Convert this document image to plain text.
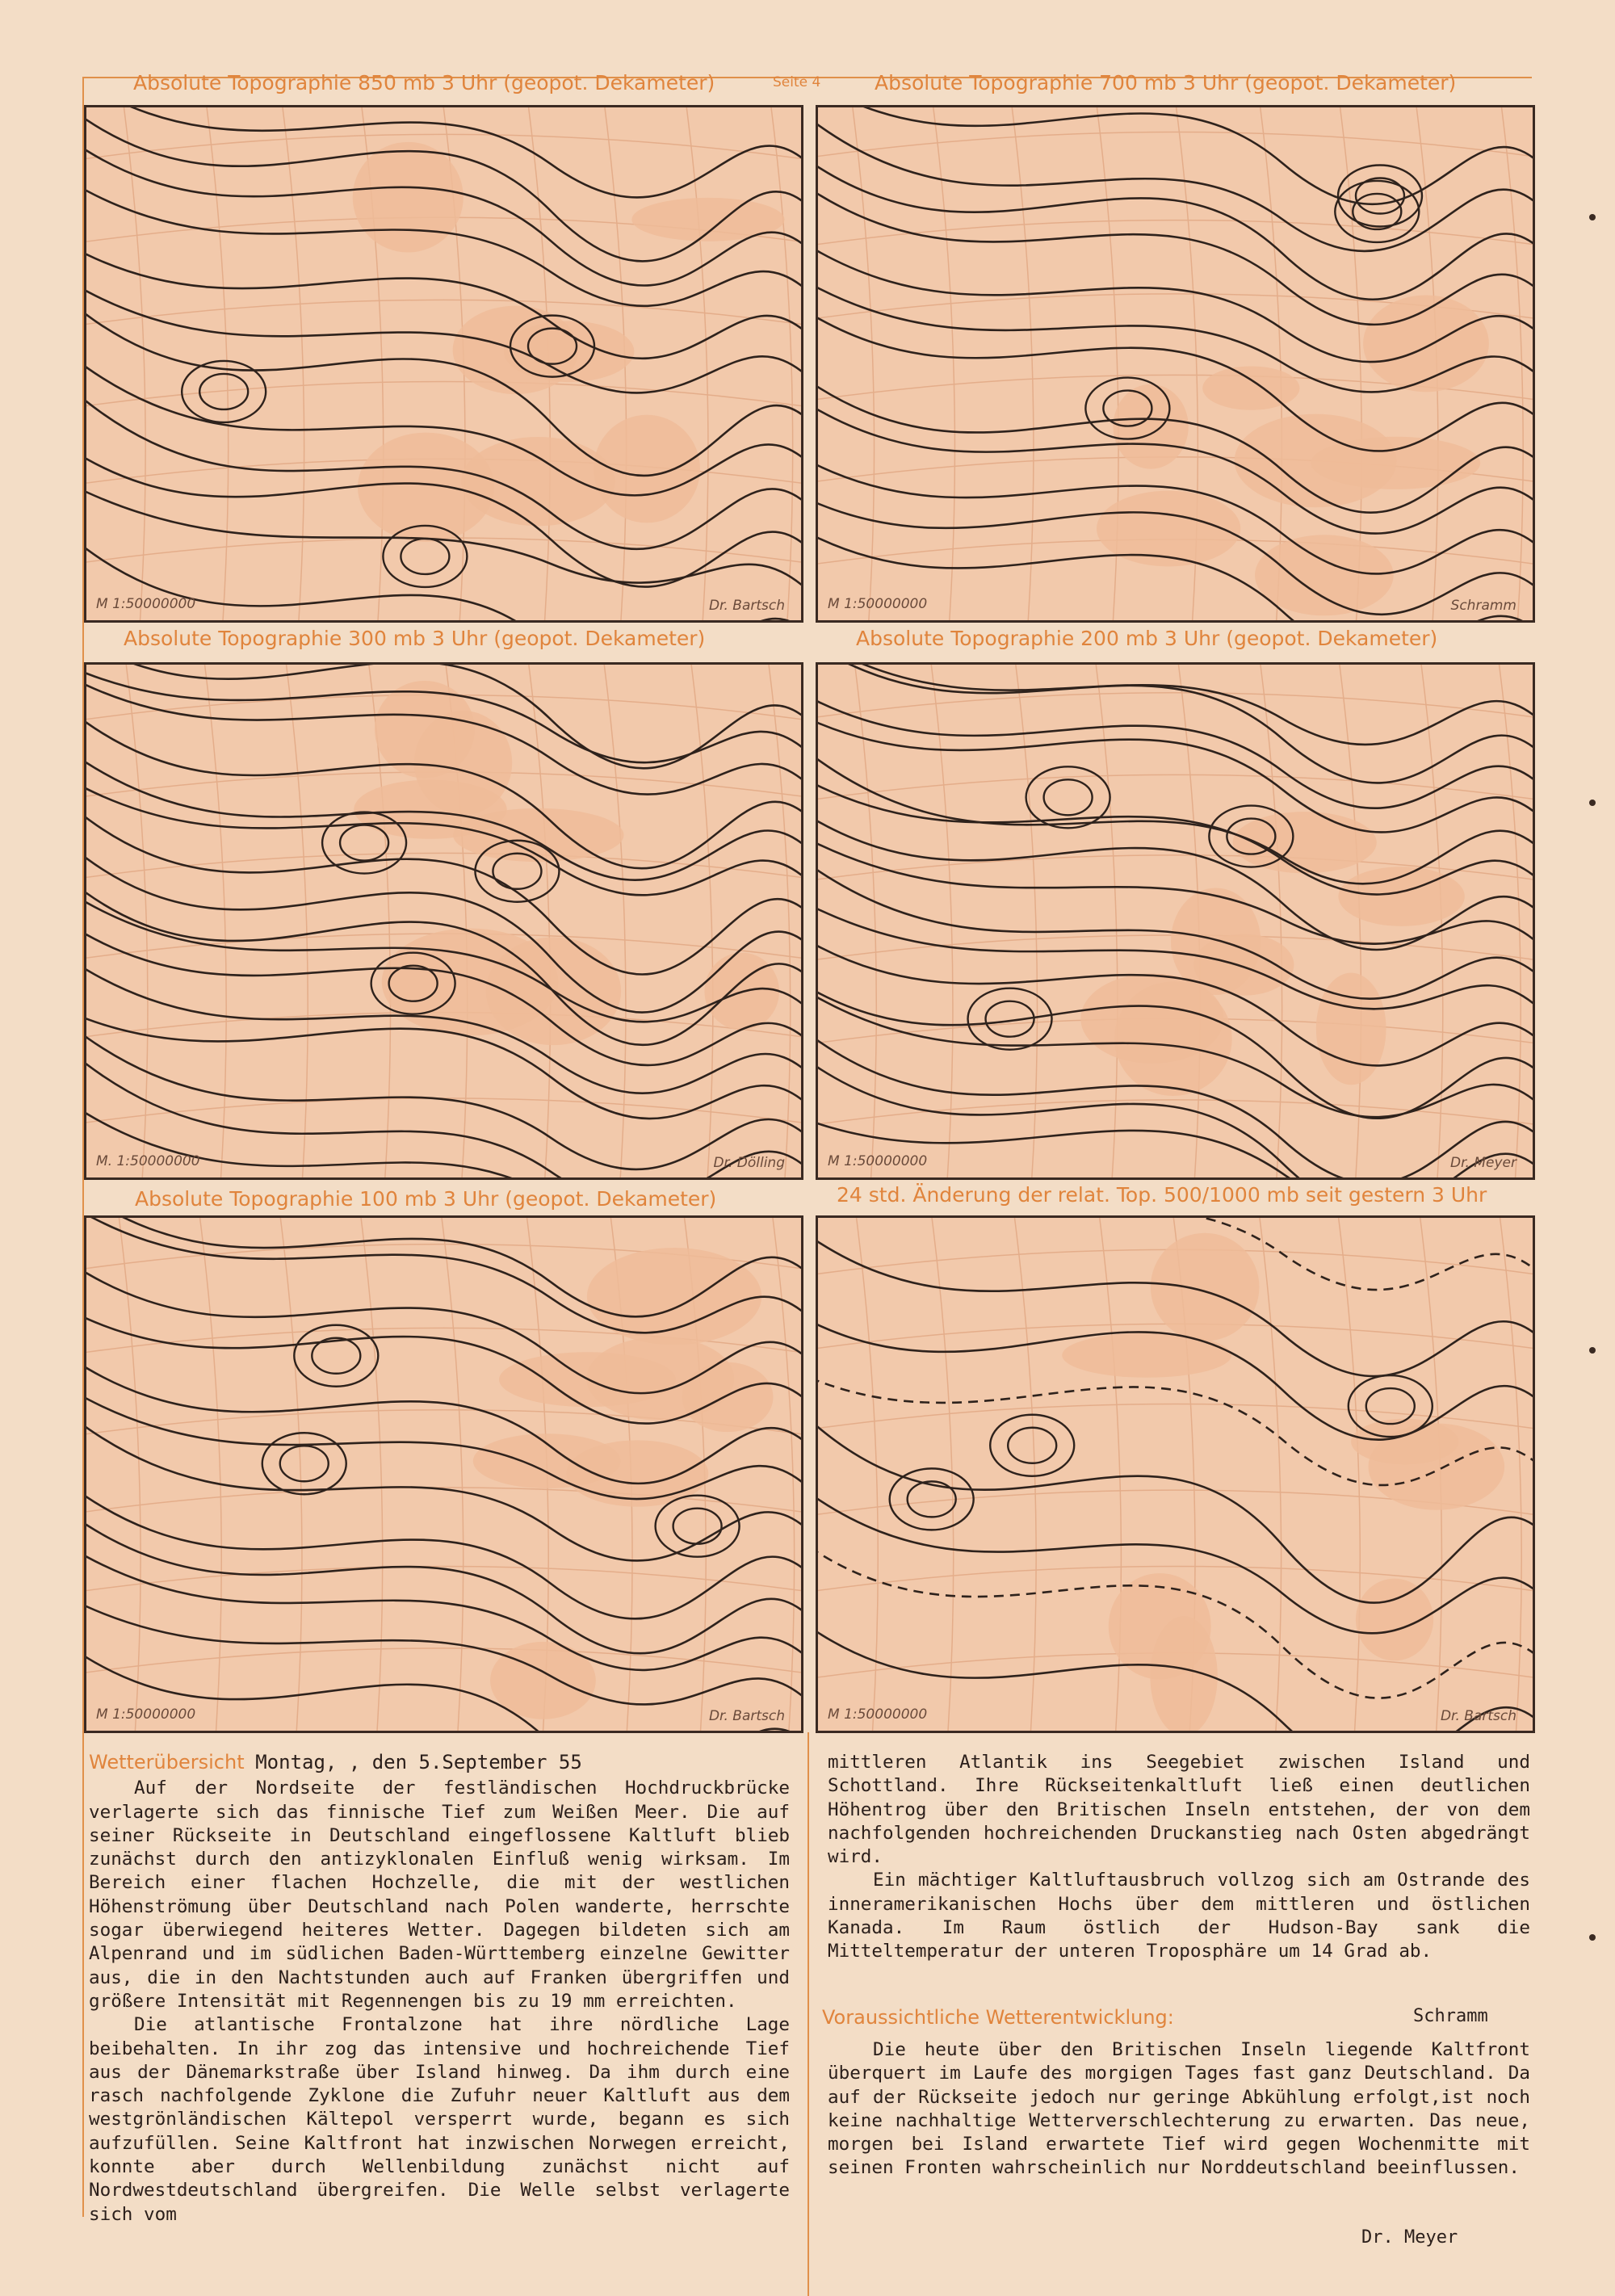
Absolute Topographie 850 mb 3 Uhr (geopot. Dekameter)	Seite 4	Absolute Topographie 700 mb 3 Uhr (geopot. Dekameter)
Absolute Topographie 300 mb 3 Uhr (geopot. Dekameter)	Absolute Topographie 200 mb 3 Uhr (geopot. Dekameter)
Absolute Topographie 100 mb 3 Uhr (geopot. Dekameter)	24 std. Änderung der relat. Top. 500/1000 mb seit gestern 3 Uhr
M 1:50000000	Dr. Bartsch	M 1:50000000	Schramm
M. 1:50000000	Dr. Dölling	M 1:50000000	Dr. Meyer
M 1:50000000	Dr. Bartsch	M 1:50000000	Dr. Bartsch
Wetterübersicht Montag, , den 5.September 55

Auf der Nordseite der festländischen Hochdruckbrücke verlagerte sich das finnische Tief zum Weißen Meer. Die auf seiner Rückseite in Deutschland eingeflossene Kaltluft blieb zunächst durch den antizyklonalen Einfluß wenig wirksam. Im Bereich einer flachen Hochzelle, die mit der westlichen Höhenströmung über Deutschland nach Polen wanderte, herrschte sogar überwiegend heiteres Wetter. Dagegen bildeten sich am Alpenrand und im südlichen Baden-Württemberg einzelne Gewitter aus, die in den Nachtstunden auch auf Franken übergriffen und größere Intensität mit Regennengen bis zu 19 mm erreichten.

Die atlantische Frontalzone hat ihre nördliche Lage beibehalten. In ihr zog das intensive und hochreichende Tief aus der Dänemarkstraße über Island hinweg. Da ihm durch eine rasch nachfolgende Zyklone die Zufuhr neuer Kaltluft aus dem westgrönländischen Kältepol versperrt wurde, begann es sich aufzufüllen. Seine Kaltfront hat inzwischen Norwegen erreicht, konnte aber durch Wellenbildung zunächst nicht auf Nordwestdeutschland übergreifen. Die Welle selbst verlagerte sich vom

mittleren Atlantik ins Seegebiet zwischen Island und Schottland. Ihre Rückseitenkaltluft ließ einen deutlichen Höhentrog über den Britischen Inseln entstehen, der von dem nachfolgenden hochreichenden Druckanstieg nach Osten abgedrängt wird.

Ein mächtiger Kaltluftausbruch vollzog sich am Ostrande des inneramerikanischen Hochs über dem mittleren und östlichen Kanada. Im Raum östlich der Hudson-Bay sank die Mitteltemperatur der unteren Troposphäre um 14 Grad ab.

Voraussichtliche Wetterentwicklung:	Schramm

Die heute über den Britischen Inseln liegende Kaltfront überquert im Laufe des morgigen Tages fast ganz Deutschland. Da auf der Rückseite jedoch nur geringe Abkühlung erfolgt,ist noch keine nachhaltige Wetterverschlechterung zu erwarten. Das neue, morgen bei Island erwartete Tief wird gegen Wochenmitte mit seinen Fronten wahrscheinlich nur Norddeutschland beeinflussen.

Dr. Meyer
